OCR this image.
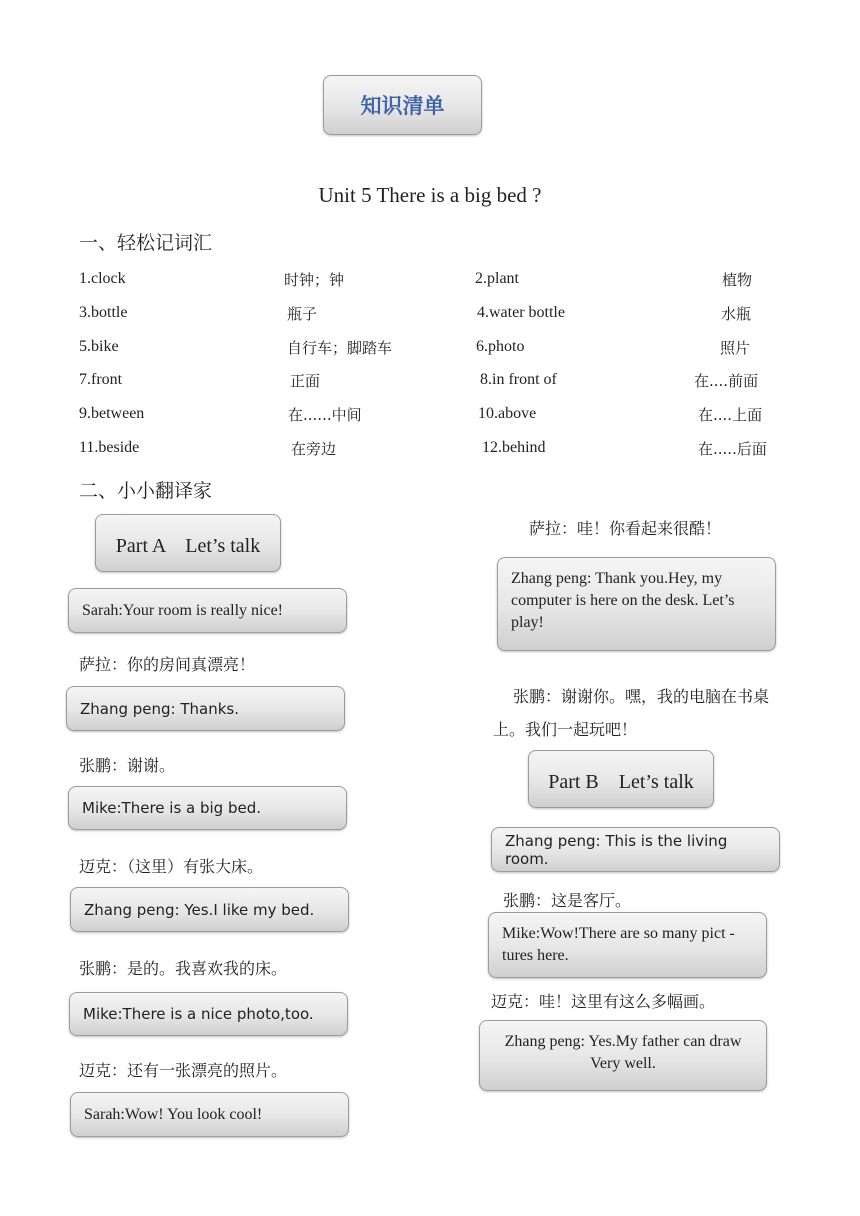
知识清单
Unit 5 There is a big bed ?
一、轻松记词汇
1.clock	时钟；钟	2.plant	植物
3.bottle	瓶子	4.water bottle	水瓶
5.bike	自行车；脚踏车	6.photo	照片
7.front	正面	8.in front of	在....前面
9.between	在......中间	10.above	在....上面
11.beside	在旁边	12.behind	在.....后面
二、小小翻译家
Part A　Let’s talk
Sarah:Your room is really nice!
萨拉：你的房间真漂亮！
Zhang peng: Thanks.
张鹏：谢谢。
Mike:There is a big bed.
迈克：（这里）有张大床。
Zhang peng: Yes.I like my bed.
张鹏：是的。我喜欢我的床。
Mike:There is a nice photo,too.
迈克：还有一张漂亮的照片。
Sarah:Wow! You look cool!
萨拉：哇！你看起来很酷！
Zhang peng: Thank you.Hey, my computer is here on the desk. Let’s play!
张鹏：谢谢你。嘿，我的电脑在书桌上。我们一起玩吧！
Part B　Let’s talk
Zhang peng: This is the living room.
张鹏：这是客厅。
Mike:Wow!There are so many pict -tures here.
迈克：哇！这里有这么多幅画。
Zhang peng: Yes.My father can draw Very well.
